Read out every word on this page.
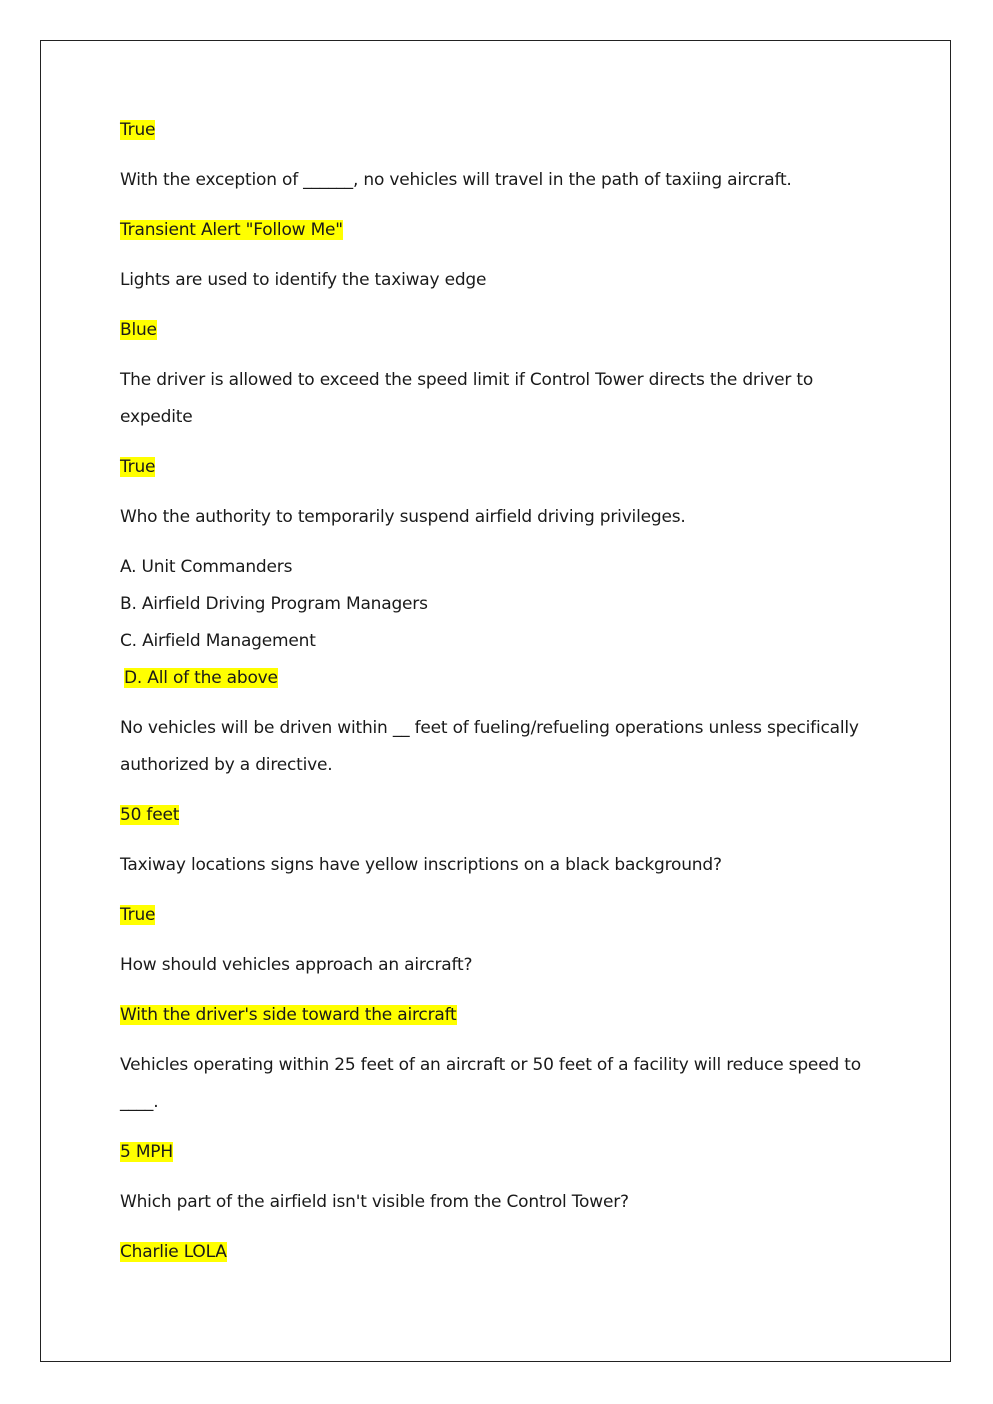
True

With the exception of ______, no vehicles will travel in the path of taxiing aircraft.

Transient Alert "Follow Me"

Lights are used to identify the taxiway edge

Blue

The driver is allowed to exceed the speed limit if Control Tower directs the driver to expedite

True

Who the authority to temporarily suspend airfield driving privileges.

A. Unit Commanders

B. Airfield Driving Program Managers

C. Airfield Management

D. All of the above

No vehicles will be driven within __ feet of fueling/refueling operations unless specifically authorized by a directive.

50 feet

Taxiway locations signs have yellow inscriptions on a black background?

True

How should vehicles approach an aircraft?

With the driver's side toward the aircraft

Vehicles operating within 25 feet of an aircraft or 50 feet of a facility will reduce speed to ____.

5 MPH

Which part of the airfield isn't visible from the Control Tower?

Charlie LOLA
